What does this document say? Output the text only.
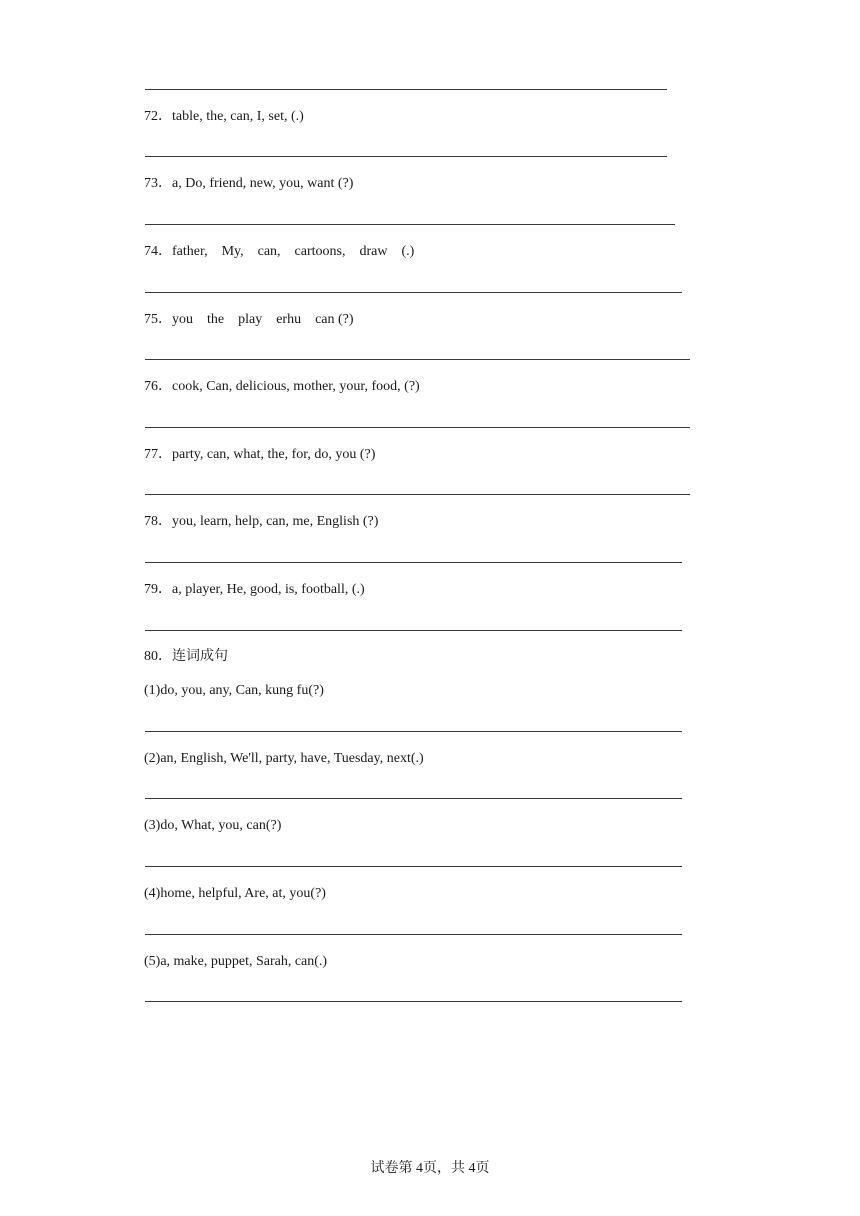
72．table, the, can, I, set, (.)
73．a, Do, friend, new, you, want (?)
74．father,    My,    can,    cartoons,    draw    (.)
75．you    the    play    erhu    can (?)
76．cook, Can, delicious, mother, your, food, (?)
77．party, can, what, the, for, do, you (?)
78．you, learn, help, can, me, English (?)
79．a, player, He, good, is, football, (.)
80．连词成句
(1)do, you, any, Can, kung fu(?)
(2)an, English, We'll, party, have, Tuesday, next(.)
(3)do, What, you, can(?)
(4)home, helpful, Are, at, you(?)
(5)a, make, puppet, Sarah, can(.)
试卷第 4页，共 4页
